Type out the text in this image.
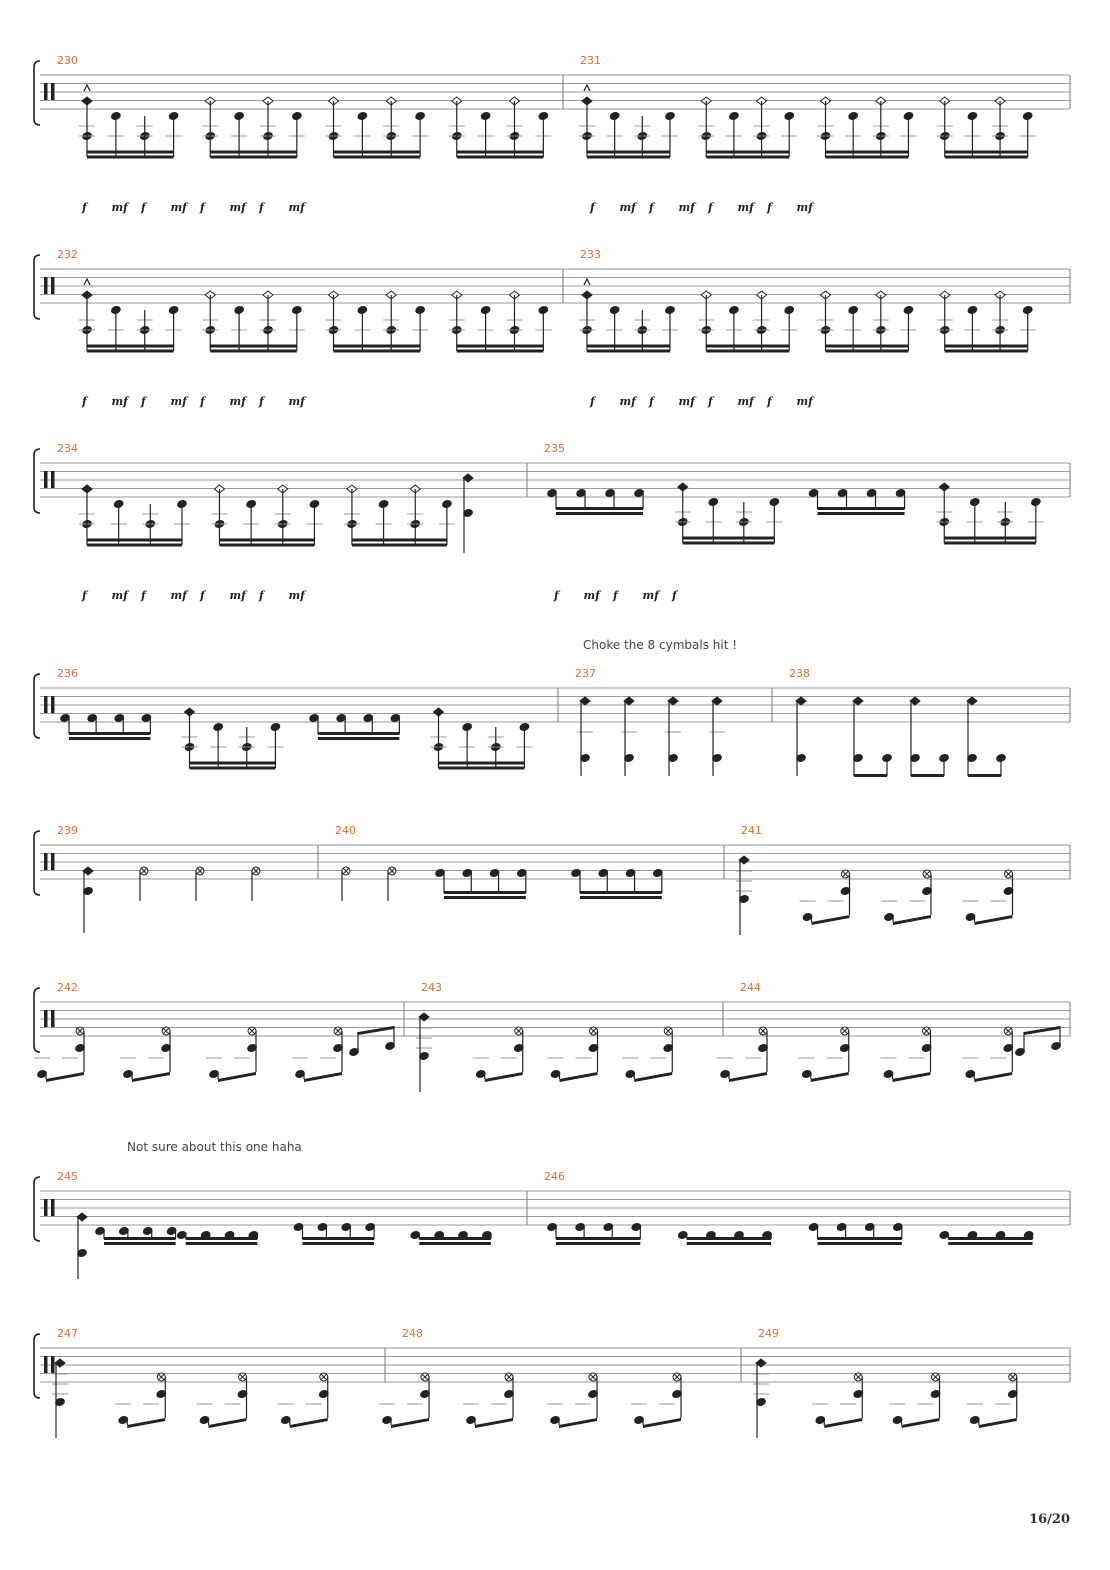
230	231
f mf f mf f mf f mf	f mf f mf f mf f mf
232	233
f mf f mf f mf f mf	f mf f mf f mf f mf
234	235
f mf f mf f mf f mf	f mf f mf f
Choke the 8 cymbals hit !
236	237	238
239	240	241
242	243	244
Not sure about this one haha
245	246
247	248	249
16/20
